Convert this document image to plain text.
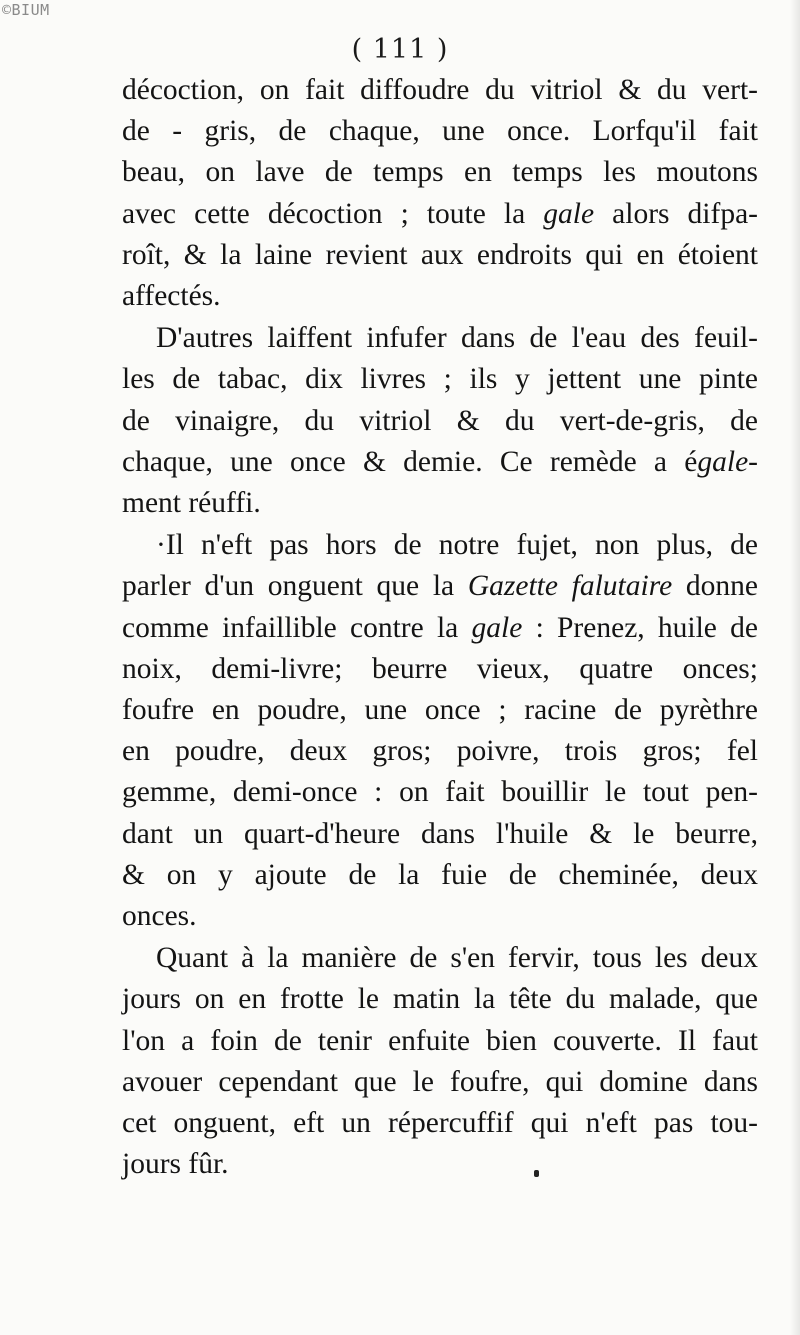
©BIUM
( 111 )

décoction, on fait diffoudre du vitriol & du vert-
de - gris, de chaque, une once. Lorfqu'il fait
beau, on lave de temps en temps les moutons
avec cette décoction ; toute la gale alors difpa-
roît, & la laine revient aux endroits qui en étoient
affectés.

D'autres laiffent infufer dans de l'eau des feuil-
les de tabac, dix livres ; ils y jettent une pinte
de vinaigre, du vitriol & du vert-de-gris, de
chaque, une once & demie. Ce remède a égale-
ment réuffi.

·Il n'eft pas hors de notre fujet, non plus, de
parler d'un onguent que la Gazette falutaire donne
comme infaillible contre la gale : Prenez, huile de
noix, demi-livre; beurre vieux, quatre onces;
foufre en poudre, une once ; racine de pyrèthre
en poudre, deux gros; poivre, trois gros; fel
gemme, demi-once : on fait bouillir le tout pen-
dant un quart-d'heure dans l'huile & le beurre,
& on y ajoute de la fuie de cheminée, deux
onces.

Quant à la manière de s'en fervir, tous les deux
jours on en frotte le matin la tête du malade, que
l'on a foin de tenir enfuite bien couverte. Il faut
avouer cependant que le foufre, qui domine dans
cet onguent, eft un répercuffif qui n'eft pas tou-
jours fûr.
